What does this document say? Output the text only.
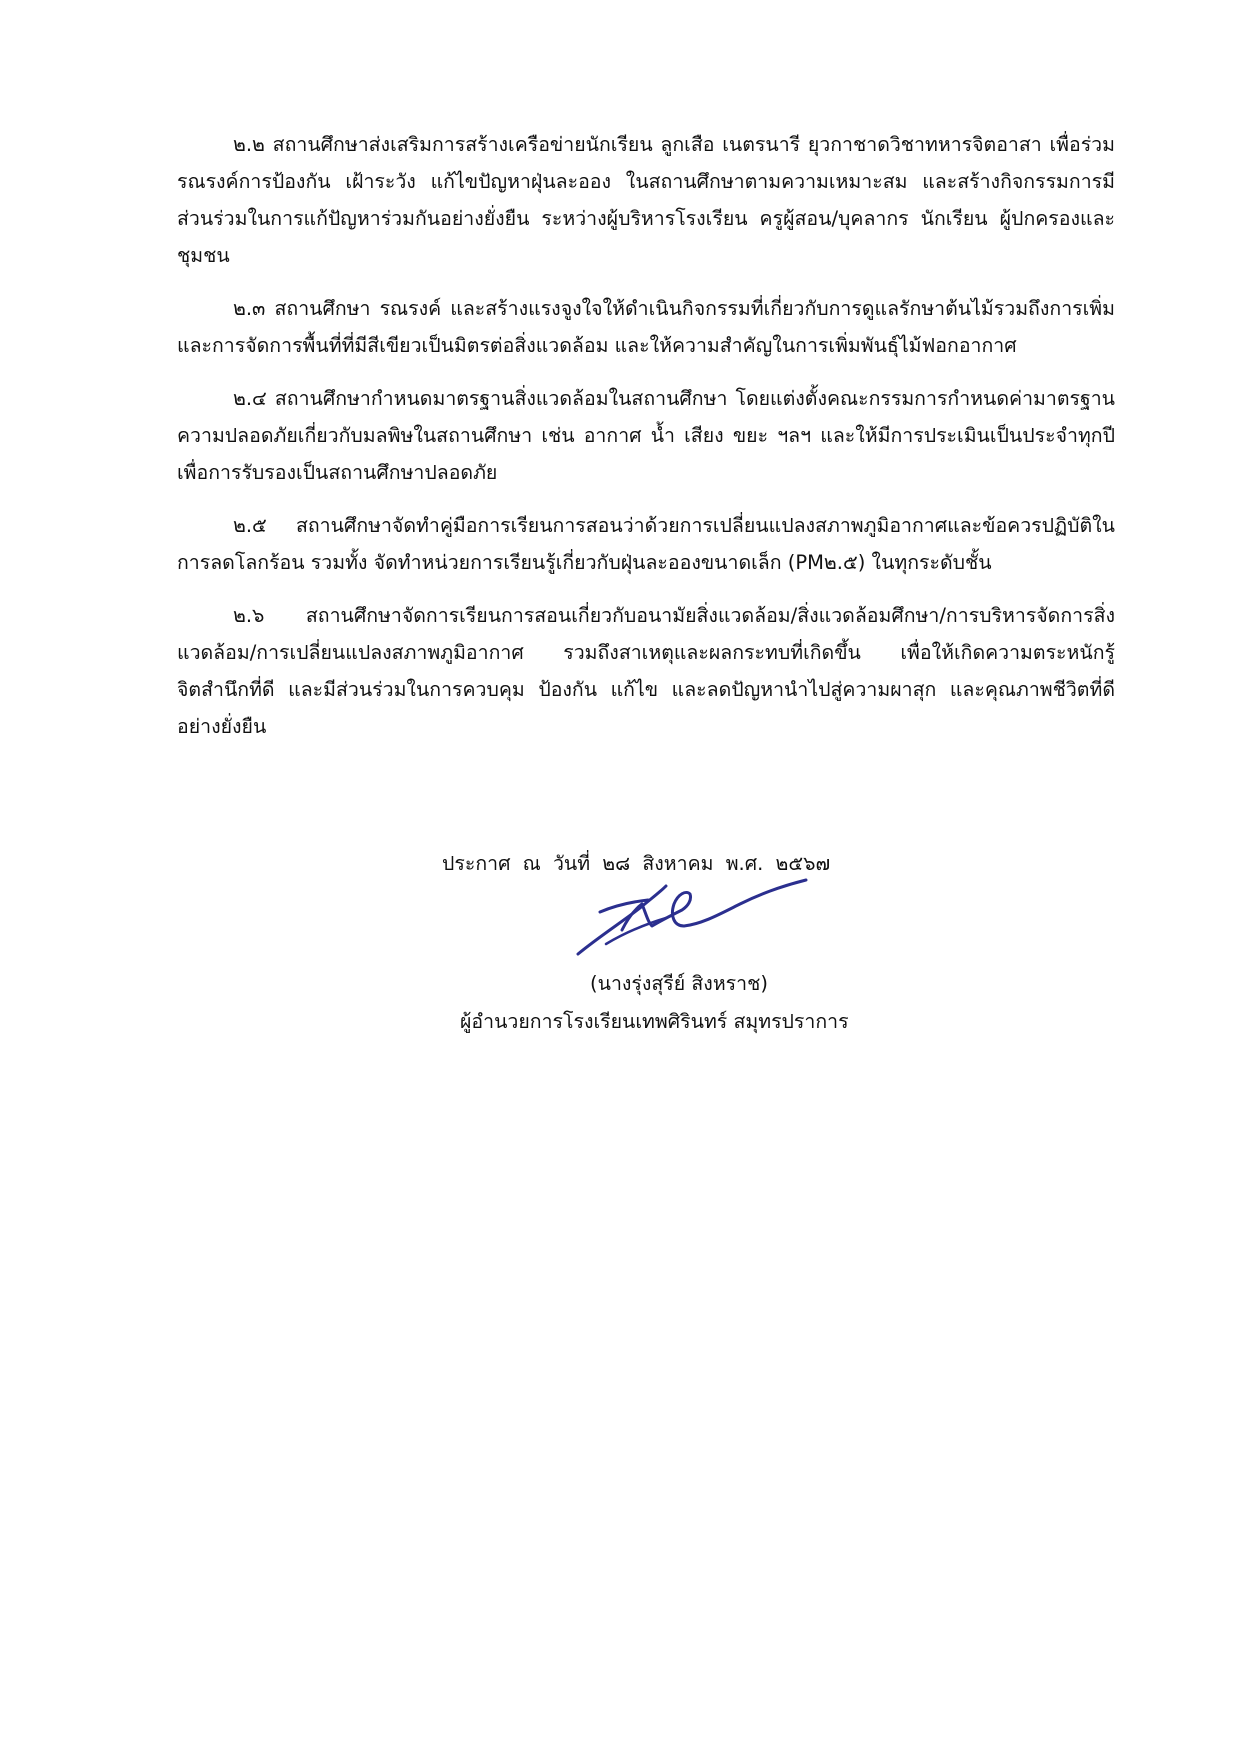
๒.๒ สถานศึกษาส่งเสริมการสร้างเครือข่ายนักเรียน ลูกเสือ เนตรนารี ยุวกาชาดวิชาทหารจิตอาสา เพื่อร่วมรณรงค์การป้องกัน เฝ้าระวัง แก้ไขปัญหาฝุ่นละออง ในสถานศึกษาตามความเหมาะสม และสร้างกิจกรรมการมีส่วนร่วมในการแก้ปัญหาร่วมกันอย่างยั่งยืน ระหว่างผู้บริหารโรงเรียน ครูผู้สอน/บุคลากร นักเรียน ผู้ปกครองและชุมชน

๒.๓ สถานศึกษา รณรงค์ และสร้างแรงจูงใจให้ดำเนินกิจกรรมที่เกี่ยวกับการดูแลรักษาต้นไม้รวมถึงการเพิ่ม และการจัดการพื้นที่ที่มีสีเขียวเป็นมิตรต่อสิ่งแวดล้อม และให้ความสำคัญในการเพิ่มพันธุ์ไม้ฟอกอากาศ

๒.๔ สถานศึกษากำหนดมาตรฐานสิ่งแวดล้อมในสถานศึกษา โดยแต่งตั้งคณะกรรมการกำหนดค่ามาตรฐานความปลอดภัยเกี่ยวกับมลพิษในสถานศึกษา เช่น อากาศ น้ำ เสียง ขยะ ฯลฯ และให้มีการประเมินเป็นประจำทุกปี เพื่อการรับรองเป็นสถานศึกษาปลอดภัย

๒.๕ สถานศึกษาจัดทำคู่มือการเรียนการสอนว่าด้วยการเปลี่ยนแปลงสภาพภูมิอากาศและข้อควรปฏิบัติในการลดโลกร้อน รวมทั้ง จัดทำหน่วยการเรียนรู้เกี่ยวกับฝุ่นละอองขนาดเล็ก (PM๒.๕) ในทุกระดับชั้น

๒.๖ สถานศึกษาจัดการเรียนการสอนเกี่ยวกับอนามัยสิ่งแวดล้อม/สิ่งแวดล้อมศึกษา/การบริหารจัดการสิ่งแวดล้อม/การเปลี่ยนแปลงสภาพภูมิอากาศ รวมถึงสาเหตุและผลกระทบที่เกิดขึ้น เพื่อให้เกิดความตระหนักรู้จิตสำนึกที่ดี และมีส่วนร่วมในการควบคุม ป้องกัน แก้ไข และลดปัญหานำไปสู่ความผาสุก และคุณภาพชีวิตที่ดีอย่างยั่งยืน

ประกาศ ณ วันที่ ๒๘ สิงหาคม พ.ศ. ๒๕๖๗
(นางรุ่งสุรีย์ สิงหราช)
ผู้อำนวยการโรงเรียนเทพศิรินทร์ สมุทรปราการ
